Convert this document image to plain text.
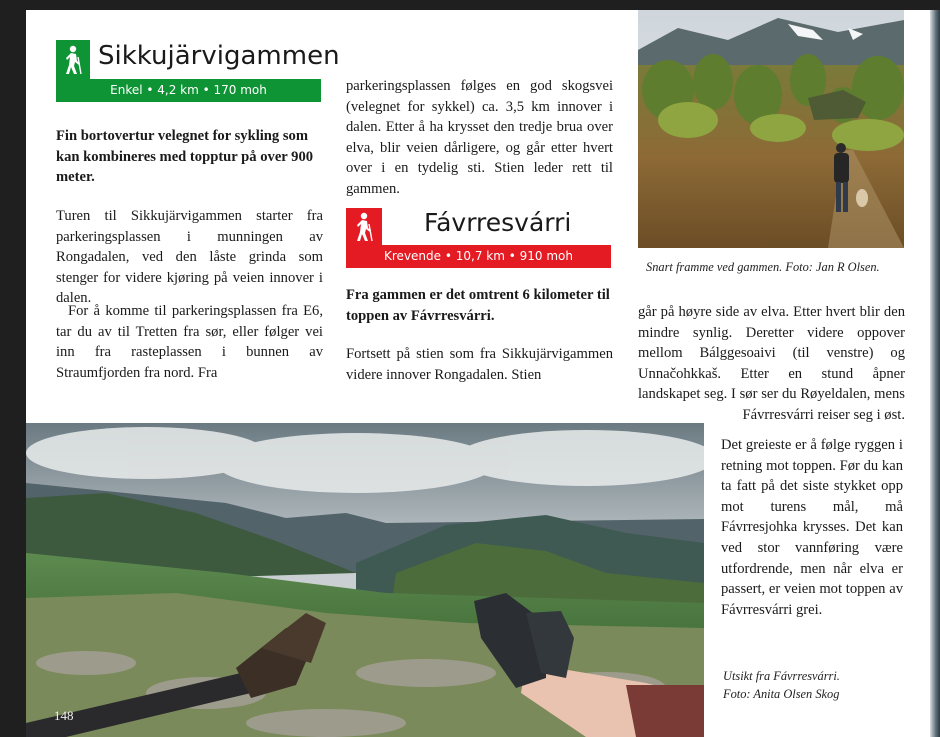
Sikkujärvigammen
Enkel • 4,2 km • 170 moh
Fin bortovertur velegnet for sykling som kan kombineres med topptur på over 900 meter.
Turen til Sikkujärvigammen starter fra parkeringsplassen i munningen av Rongadalen, ved den låste grinda som stenger for videre kjøring på veien innover i dalen.
For å komme til parkeringsplassen fra E6, tar du av til Tretten fra sør, eller følger vei inn fra rasteplassen i bunnen av Straumfjorden fra nord. Fra
parkeringsplassen følges en god skogsvei (velegnet for sykkel) ca. 3,5 km innover i dalen. Etter å ha krysset den tredje brua over elva, blir veien dårligere, og går etter hvert over i en tydelig sti. Stien leder rett til gammen.
Fávrresvárri
Krevende • 10,7 km • 910 moh
Fra gammen er det omtrent 6 kilometer til toppen av Fávrresvárri.
Fortsett på stien som fra Sikkujärvigammen videre innover Rongadalen. Stien
Snart framme ved gammen. Foto: Jan R Olsen.
går på høyre side av elva. Etter hvert blir den mindre synlig. Deretter videre oppover mellom Bálggesoaivi (til venstre) og Unnačohkkaš. Etter en stund åpner landskapet seg. I sør ser du Røyeldalen, mens Fávrresvárri reiser seg i øst.
Det greieste er å følge ryggen i retning mot toppen. Før du kan ta fatt på det siste stykket opp mot turens mål, må Fávrresjohka krysses. Det kan ved stor vannføring være utfordrende, men når elva er passert, er veien mot toppen av Fávrresvárri grei.
148
Utsikt fra Fávrresvárri.
Foto: Anita Olsen Skog
